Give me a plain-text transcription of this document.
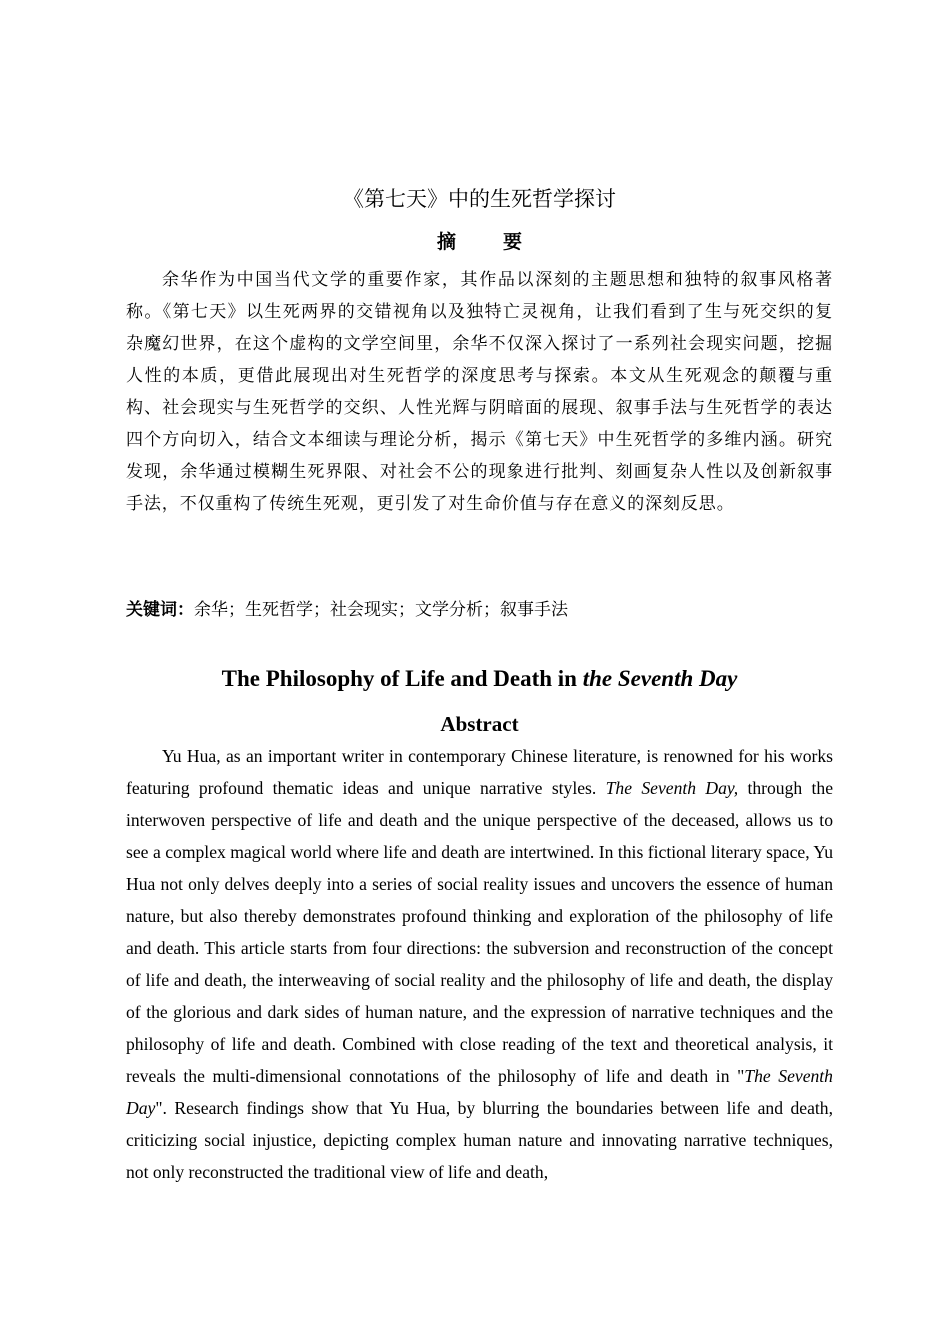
《第七天》中的生死哲学探讨
摘　要

余华作为中国当代文学的重要作家，其作品以深刻的主题思想和独特的叙事风格著称。《第七天》以生死两界的交错视角以及独特亡灵视角，让我们看到了生与死交织的复杂魔幻世界，在这个虚构的文学空间里，余华不仅深入探讨了一系列社会现实问题，挖掘人性的本质，更借此展现出对生死哲学的深度思考与探索。本文从生死观念的颠覆与重构、社会现实与生死哲学的交织、人性光辉与阴暗面的展现、叙事手法与生死哲学的表达四个方向切入，结合文本细读与理论分析，揭示《第七天》中生死哲学的多维内涵。研究发现，余华通过模糊生死界限、对社会不公的现象进行批判、刻画复杂人性以及创新叙事手法，不仅重构了传统生死观，更引发了对生命价值与存在意义的深刻反思。

关键词：余华；生死哲学；社会现实；文学分析；叙事手法

The Philosophy of Life and Death in the Seventh Day
Abstract

Yu Hua, as an important writer in contemporary Chinese literature, is renowned for his works featuring profound thematic ideas and unique narrative styles. The Seventh Day, through the interwoven perspective of life and death and the unique perspective of the deceased, allows us to see a complex magical world where life and death are intertwined. In this fictional literary space, Yu Hua not only delves deeply into a series of social reality issues and uncovers the essence of human nature, but also thereby demonstrates profound thinking and exploration of the philosophy of life and death. This article starts from four directions: the subversion and reconstruction of the concept of life and death, the interweaving of social reality and the philosophy of life and death, the display of the glorious and dark sides of human nature, and the expression of narrative techniques and the philosophy of life and death. Combined with close reading of the text and theoretical analysis, it reveals the multi-dimensional connotations of the philosophy of life and death in "The Seventh Day". Research findings show that Yu Hua, by blurring the boundaries between life and death, criticizing social injustice, depicting complex human nature and innovating narrative techniques, not only reconstructed the traditional view of life and death,
